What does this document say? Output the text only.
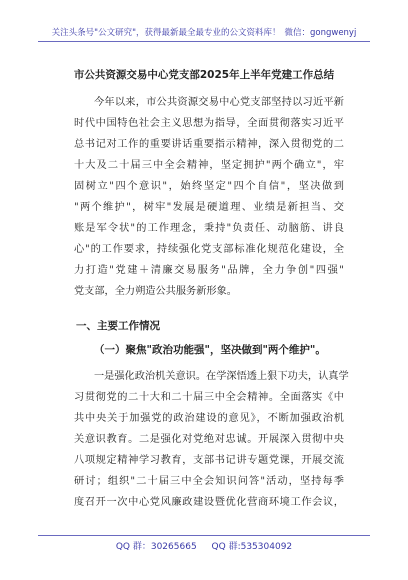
关注头条号"公文研究"，获得最新最全最专业的公文资料库！ 微信：gongwenyj
市公共资源交易中心党支部2025年上半年党建工作总结
今年以来，市公共资源交易中心党支部坚持以习近平新
时代中国特色社会主义思想为指导，全面贯彻落实习近平
总书记对工作的重要讲话重要指示精神，深入贯彻党的二
十大及二十届三中全会精神，坚定拥护"两个确立"，牢
固树立"四个意识"，始终坚定"四个自信"，坚决做到
"两个维护"，树牢"发展是硬道理、业绩是新担当、交
账是军令状"的工作理念，秉持"负责任、动脑筋、讲良
心"的工作要求，持续强化党支部标准化规范化建设，全
力打造"党建＋清廉交易服务"品牌，全力争创"四强"
党支部，全力朔造公共服务新形象。
一、主要工作情况
（一）聚焦"政治功能强"，坚决做到"两个维护"。
一是强化政治机关意识。在学深悟透上狠下功夫，认真学
习贯彻党的二十大和二十届三中全会精神。全面落实《中
共中央关于加强党的政治建设的意见》，不断加强政治机
关意识教育。二是强化对党绝对忠诚。开展深入贯彻中央
八项规定精神学习教育，支部书记讲专题党课，开展交流
研讨；组织"二十届三中全会知识问答"活动，坚持每季
度召开一次中心党风廉政建设暨优化营商环境工作会议，
QQ 群：30265665 QQ 群:535304092
